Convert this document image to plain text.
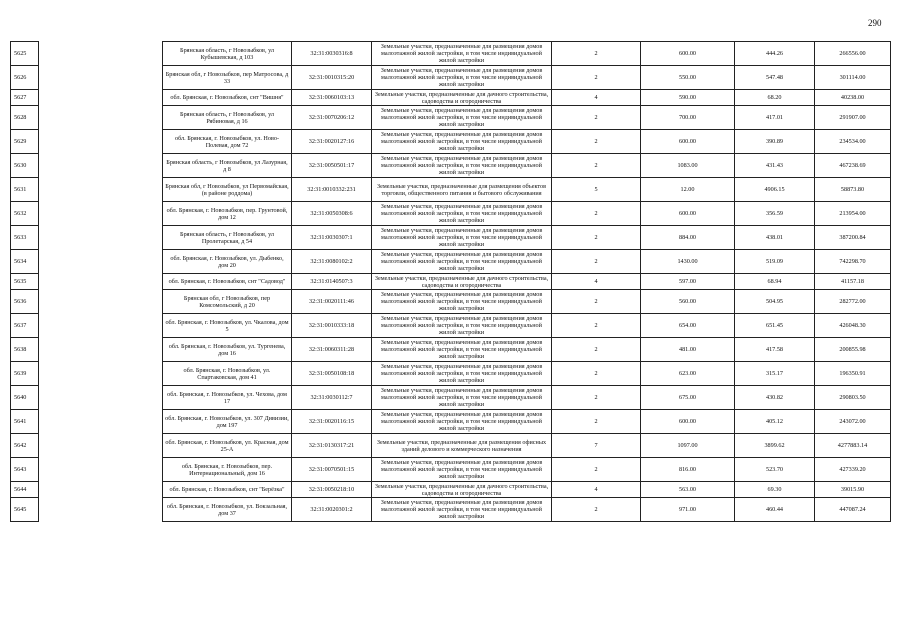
290
5625		Брянская область, г Новозыбков, ул Кубышевская, д 103	32:31:0030316:8	Земельные участки, предназначенные для размещения домов малоэтажной жилой застройки, в том числе индивидуальной жилой застройки	2	600.00	444.26	266556.00
5626		Брянская обл, г Новозыбков, пер Матросова, д 33	32:31:0010315:20	Земельные участки, предназначенные для размещения домов малоэтажной жилой застройки, в том числе индивидуальной жилой застройки	2	550.00	547.48	301114.00
5627		обл. Брянская, г. Новозыбков, снт "Вишня"	32:31:0060103:13	Земельные участки, предназначенные для дачного строительства, садоводства и огородничества	4	590.00	68.20	40238.00
5628		Брянская область, г Новозыбков, ул Рябиновая, д 16	32:31:0070206:12	Земельные участки, предназначенные для размещения домов малоэтажной жилой застройки, в том числе индивидуальной жилой застройки	2	700.00	417.01	291907.00
5629		обл. Брянская, г. Новозыбков, ул. Ново-Полевая, дом 72	32:31:0020127:16	Земельные участки, предназначенные для размещения домов малоэтажной жилой застройки, в том числе индивидуальной жилой застройки	2	600.00	390.89	234534.00
5630		Брянская область, г Новозыбков, ул Лазурная, д 8	32:31:0050501:17	Земельные участки, предназначенные для размещения домов малоэтажной жилой застройки, в том числе индивидуальной жилой застройки	2	1083.00	431.43	467238.69
5631		Брянская обл, г Новозыбков, ул Первомайская, (в районе роддома)	32:31:0010332:231	Земельные участки, предназначенные для размещения объектов торговли, общественного питания и бытового обслуживания	5	12.00	4906.15	58873.80
5632		обл. Брянская, г. Новозыбков, пер. Грунтовой, дом 12	32:31:0050308:6	Земельные участки, предназначенные для размещения домов малоэтажной жилой застройки, в том числе индивидуальной жилой застройки	2	600.00	356.59	213954.00
5633		Брянская область, г Новозыбков, ул Пролетарская, д 54	32:31:0030307:1	Земельные участки, предназначенные для размещения домов малоэтажной жилой застройки, в том числе индивидуальной жилой застройки	2	884.00	438.01	387200.84
5634		обл. Брянская, г. Новозыбков, ул. Дыбенко, дом 20	32:31:0080102:2	Земельные участки, предназначенные для размещения домов малоэтажной жилой застройки, в том числе индивидуальной жилой застройки	2	1430.00	519.09	742298.70
5635		обл. Брянская, г. Новозыбков, снт "Садовод"	32:31:0140507:3	Земельные участки, предназначенные для дачного строительства, садоводства и огородничества	4	597.00	68.94	41157.18
5636		Брянская обл, г Новозыбков, пер Комсомольский, д 20	32:31:0020111:46	Земельные участки, предназначенные для размещения домов малоэтажной жилой застройки, в том числе индивидуальной жилой застройки	2	560.00	504.95	282772.00
5637		обл. Брянская, г. Новозыбков, ул. Чкалова, дом 5	32:31:0010333:18	Земельные участки, предназначенные для размещения домов малоэтажной жилой застройки, в том числе индивидуальной жилой застройки	2	654.00	651.45	426048.30
5638		обл. Брянская, г. Новозыбков, ул. Тургенева, дом 16	32:31:0060311:28	Земельные участки, предназначенные для размещения домов малоэтажной жилой застройки, в том числе индивидуальной жилой застройки	2	481.00	417.58	200855.98
5639		обл. Брянская, г. Новозыбков, ул. Спартаковская, дом 41	32:31:0050108:18	Земельные участки, предназначенные для размещения домов малоэтажной жилой застройки, в том числе индивидуальной жилой застройки	2	623.00	315.17	196350.91
5640		обл. Брянская, г. Новозыбков, ул. Чехова, дом 17	32:31:0030112:7	Земельные участки, предназначенные для размещения домов малоэтажной жилой застройки, в том числе индивидуальной жилой застройки	2	675.00	430.82	290803.50
5641		обл. Брянская, г. Новозыбков, ул. 307 Дивизии, дом 197	32:31:0020116:15	Земельные участки, предназначенные для размещения домов малоэтажной жилой застройки, в том числе индивидуальной жилой застройки	2	600.00	405.12	243072.00
5642		обл. Брянская, г. Новозыбков, ул. Красная, дом 25-А	32:31:0130317:21	Земельные участки, предназначенные для размещения офисных зданий делового и коммерческого назначения	7	1097.00	3899.62	4277883.14
5643		обл. Брянская, г. Новозыбков, пер. Интернациональный, дом 16	32:31:0070501:15	Земельные участки, предназначенные для размещения домов малоэтажной жилой застройки, в том числе индивидуальной жилой застройки	2	816.00	523.70	427339.20
5644		обл. Брянская, г. Новозыбков, снт "Берёзка"	32:31:0050218:10	Земельные участки, предназначенные для дачного строительства, садоводства и огородничества	4	563.00	69.30	39015.90
5645		обл. Брянская, г. Новозыбков, ул. Вокзальная, дом 37	32:31:0020301:2	Земельные участки, предназначенные для размещения домов малоэтажной жилой застройки, в том числе индивидуальной жилой застройки	2	971.00	460.44	447087.24
